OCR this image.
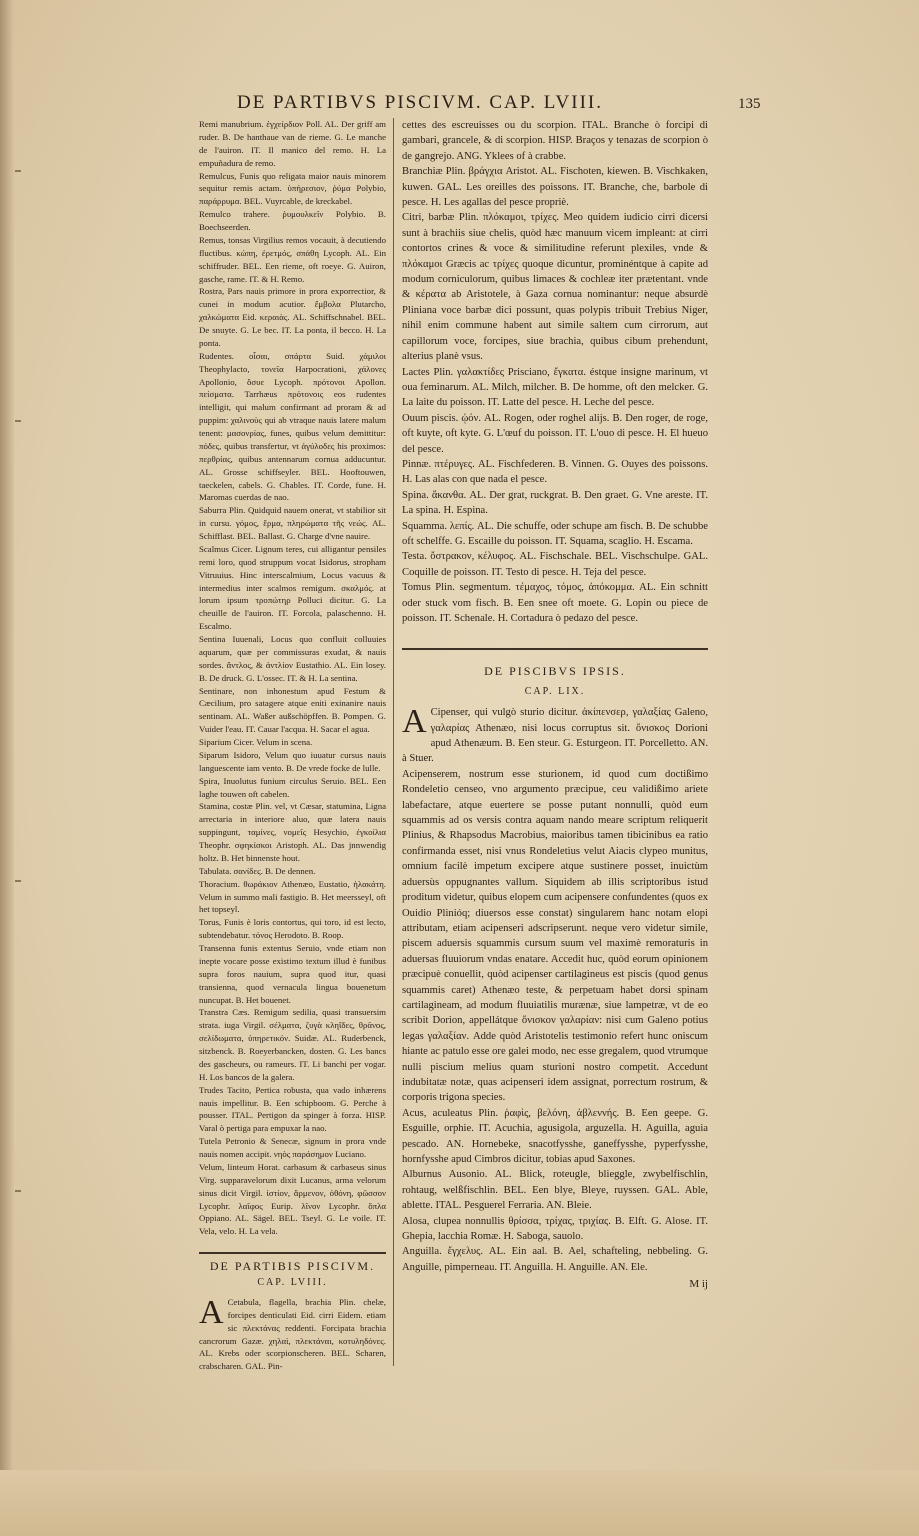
DE PARTIBVS PISCIVM. CAP. LVIII.	135

Remi manubrium. ἐγχείρδιον Poll. AL. Der griff am ruder. B. De hanthaue van de rieme. G. Le manche de l'auiron. IT. Il manico del remo. H. La empuñadura de remo.

Remulcus, Funis quo religata maior nauis minorem sequitur remis actam. ὑπήρεσιον, ῥύμα Polybio, παράρρυμα. BEL. Vuyrcable, de kreckabel.

Remulco trahere. ῥυμουλκεῖν Polybio. B. Boechseerden.

Remus, tonsas Virgilius remos vocauit, à decutiendo fluctibus. κώπη, ἐρετμός, σπάθη Lycoph. AL. Ein schiffruder. BEL. Een rieme, oft roeye. G. Auiron, gasche, rame. IT. & H. Remo.

Rostra, Pars nauis primore in prora exporrectior, & cunei in modum acutior. ἔμβολα Plutarcho, χαλκώματα Eid. κεραιὰς. AL. Schiffschnabel. BEL. De snuyte. G. Le bec. IT. La ponta, il becco. H. La ponta.

Rudentes. οἶσαι, σπάρτα Suid. χάμιλοι Theophylacto, τονεῖα Harpocrationi, χάλονες Apollonio, ὅσυε Lycoph. πρότονοι Apollon. πείσματα. Tarrhæus πρότονοις eos rudentes intelligit, qui malum confirmant ad proram & ad puppim: χαλινοὺς qui ab vtraque nauis latere malum tenent: μασονρίας, funes, quibus velum demittitur: πόδες, quibus transfertur, vt ἀγύλοδες his proximos: περθρίας, quibus antennarum cornua adducuntur. AL. Grosse schiffseyler. BEL. Hooftouwen, taeckelen, cabels. G. Chables. IT. Corde, fune. H. Maromas cuerdas de nao.

Saburra Plin. Quidquid nauem onerat, vt stabilior sit in cursu. γόμος, ἕρμα, πληρώματα τῆς νεώς. AL. Schifflast. BEL. Ballast. G. Charge d'vne nauire.

Scalmus Cicer. Lignum teres, cui alligantur pensiles remi loro, quod struppum vocat Isidorus, stropham Vitruuius. Hinc interscalmium, Locus vacuus & intermedius inter scalmos remigum. σκαλμός. at lorum ipsum τροπώτηρ Polluci dicitur. G. La cheuille de l'auiron. IT. Forcola, palaschenno. H. Escalmo.

Sentina Iuuenali, Locus quo confluit colluuies aquarum, quæ per commissuras exudat, & nauis sordes. ἄντλος, & ἀντλίον Eustathio. AL. Ein losey. B. De druck. G. L'ossec. IT. & H. La sentina.

Sentinare, non inhonestum apud Festum & Cæcilium, pro satagere atque eniti exinanire nauis sentinam. AL. Waßer außschöpffen. B. Pompen. G. Vuider l'eau. IT. Cauar l'acqua. H. Sacar el agua.

Siparium Cicer. Velum in scena.

Siparum Isidoro, Velum quo iuuatur cursus nauis languescente iam vento. B. De vrede focke de lulle.

Spira, Inuolutus funium circulus Seruio. BEL. Een laghe touwen oft cabelen.

Stamina, costæ Plin. vel, vt Cæsar, statumina, Ligna arrectaria in interiore aluo, quæ latera nauis suppingunt, ταμίνες, νομεῖς Hesychio, ἐγκοίλια Theophr. σφηκίσκοι Aristoph. AL. Das jnnwendig holtz. B. Het binnenste hout.

Tabulata. σανίδες. B. De dennen.

Thoracium. θωράκιον Athenæo, Eustatio, ἠλακάτη. Velum in summo mali fastigio. B. Het meersseyl, oft het topseyl.

Torus, Funis è loris contortus, qui toro, id est lecto, subtendebatur. τόνος Herodoto. B. Roop.

Transenna funis extentus Seruio, vnde etiam non inepte vocare posse existimo textum illud è funibus supra foros nauium, supra quod itur, quasi transienna, quod vernacula lingua bouenetum nuncupat. B. Het bouenet.

Transtra Cæs. Remigum sedilia, quasi transuersim strata. iuga Virgil. σέλματα, ζυγὰ κληΐδες, θρᾶνος, σελίδωματα, ὑπηρετικόν. Suidæ. AL. Ruderbenck, sitzbenck. B. Roeyerbancken, dosten. G. Les bancs des gascheurs, ou rameurs. IT. Li banchi per vogar. H. Los bancos de la galera.

Trudes Tacito, Pertica robusta, qua vado inhærens nauis impellitur. B. Een schipboom. G. Perche à pousser. ITAL. Pertigon da spinger à forza. HISP. Varal ò pertiga para empuxar la nao.

Tutela Petronio & Senecæ, signum in prora vnde nauis nomen accipit. νηὸς παράσημον Luciano.

Velum, linteum Horat. carbasum & carbaseus sinus Virg. supparavelorum dixit Lucanus, arma velorum sinus dicit Virgil. ἱστίον, ἄρμενον, ὀθόνη, φῶσσον Lycophr. λαῖφος Eurip. λῖνον Lycophr. ὅπλα Oppiano. AL. Sägel. BEL. Tseyl. G. Le voile. IT. Vela, velo. H. La vela.

DE PARTIBIS PISCIVM.
CAP. LVIII.

A Cetabula, flagella, brachia Plin. chelæ, forcipes denticulati Eid. cirri Eidem. etiam sic πλεκτάνας reddenti. Forcipata brachia cancrorum Gazæ. χηλαὶ, πλεκτάναι, κοτυληδόνες. AL. Krebs oder scorpionscheren. BEL. Scharen, crabscharen. GAL. Pin-

cettes des escreuisses ou du scorpion. ITAL. Branche ò forcipi di gambari, grancele, & di scorpion. HISP. Braços y tenazas de scorpion ò de gangrejo. ANG. Yklees of à crabbe.

Branchiæ Plin. βράγχια Aristot. AL. Fischoten, kiewen. B. Vischkaken, kuwen. GAL. Les oreilles des poissons. IT. Branche, che, barbole di pesce. H. Les agallas del pesce propriè.

Citri, barbæ Plin. πλόκαμοι, τρίχες. Meo quidem iudicio cirri dicersi sunt à brachiis siue chelis, quòd hæc manuum vicem impleant: at cirri contortos crines & voce & similitudine referunt plexiles, vnde & πλόκαμοι Græcis ac τρίχες quoque dicuntur, prominéntque à capite ad modum corniculorum, quibus limaces & cochleæ iter prætentant. vnde & κέρατα ab Aristotele, à Gaza cornua nominantur: neque absurdè Pliniana voce barbæ dici possunt, quas polypis tribuit Trebius Niger, nihil enim commune habent aut simile saltem cum cirrorum, aut capillorum voce, forcipes, siue brachia, quibus cibum prehendunt, alterius planè vsus.

Lactes Plin. γαλακτίδες Prisciano, ἔγκατα. éstque insigne marinum, vt oua feminarum. AL. Milch, milcher. B. De homme, oft den melcker. G. La laite du poisson. IT. Latte del pesce. H. Leche del pesce.

Ouum piscis. ᾠόν. AL. Rogen, oder roghel alijs. B. Den roger, de roge, oft kuyte, oft kyte. G. L'œuf du poisson. IT. L'ouo di pesce. H. El hueuo del pesce.

Pinnæ. πτέρυγες. AL. Fischfederen. B. Vinnen. G. Ouyes des poissons. H. Las alas con que nada el pesce.

Spina. ἄκανθα. AL. Der grat, ruckgrat. B. Den graet. G. Vne areste. IT. La spina. H. Espina.

Squamma. λεπίς. AL. Die schuffe, oder schupe am fisch. B. De schubbe oft schelffe. G. Escaille du poisson. IT. Squama, scaglio. H. Escama.

Testa. ὄστρακον, κέλυφος. AL. Fischschale. BEL. Vischschulpe. GAL. Coquille de poisson. IT. Testo di pesce. H. Teja del pesce.

Tomus Plin. segmentum. τέμαχος, τόμος, ἀπόκομμα. AL. Ein schnitt oder stuck vom fisch. B. Een snee oft moete. G. Lopin ou piece de poisson. IT. Schenale. H. Cortadura ò pedazo del pesce.

DE PISCIBVS IPSIS.
CAP. LIX.

A Cipenser, qui vulgò sturio dicitur. ἀκίπενσερ, γαλαξίας Galeno, γαλαρίας Athenæo, nisi locus corruptus sit. ὄνισκος Dorioni apud Athenæum. B. Een steur. G. Esturgeon. IT. Porcelletto. AN. à Stuer.

Acipenserem, nostrum esse sturionem, id quod cum doctißimo Rondeletio censeo, vno argumento præcipue, ceu validißimo ariete labefactare, atque euertere se posse putant nonnulli, quòd eum squammis ad os versis contra aquam nando meare scriptum reliquerit Plinius, & Rhapsodus Macrobius, maioribus tamen tibicinibus ea ratio confirmanda esset, nisi vnus Rondeletius velut Aiacis clypeo munitus, omnium facilè impetum excipere atque sustinere posset, inuictùm aduersùs oppugnantes vallum. Siquidem ab illis scriptoribus istud proditum videtur, quibus elopem cum acipensere confundentes (quos ex Ouidio Plinióq; diuersos esse constat) singularem hanc notam elopi attributam, etiam acipenseri adscripserunt. neque vero videtur simile, piscem aduersis squammis cursum suum vel maximè remoraturis in aduersas fluuiorum vndas enatare. Accedit huc, quòd eorum opinionem præcipuè conuellit, quòd acipenser cartilagineus est piscis (quod genus squammis caret) Athenæo teste, & perpetuam habet dorsi spinam cartilagineam, ad modum fluuiatilis murænæ, siue lampetræ, vt de eo scribit Dorion, appellátque ὄνισκον γαλαρίαν: nisi cum Galeno potius legas γαλαξίαν. Adde quòd Aristotelis testimonio refert hunc oniscum hiante ac patulo esse ore galei modo, nec esse gregalem, quod vtrumque nulli piscium melius quam sturioni nostro competit. Accedunt indubitatæ notæ, quas acipenseri idem assignat, porrectum rostrum, & corporis trigona species.

Acus, aculeatus Plin. ῥαφὶς, βελόνη, ἀβλεννής. B. Een geepe. G. Esguille, orphie. IT. Acuchia, agusigola, arguzella. H. Aguilla, aguia pescado. AN. Hornebeke, snacotfysshe, ganeffysshe, pyperfysshe, hornfysshe apud Cimbros dicitur, tobias apud Saxones.

Alburnus Ausonio. AL. Blick, roteugle, blieggle, zwybelfischlin, rohtaug, welßfischlin. BEL. Een blye, Bleye, ruyssen. GAL. Able, ablette. ITAL. Pesguerel Ferraria. AN. Bleie.

Alosa, clupea nonnullis θρίσσα, τρίχας, τριχίας. B. Elft. G. Alose. IT. Ghepia, lacchia Romæ. H. Saboga, sauolo.

Anguilla. ἔγχελυς. AL. Ein aal. B. Ael, schafteling, nebbeling. G. Anguille, pimperneau. IT. Anguilla. H. Anguille. AN. Ele.

M ij
